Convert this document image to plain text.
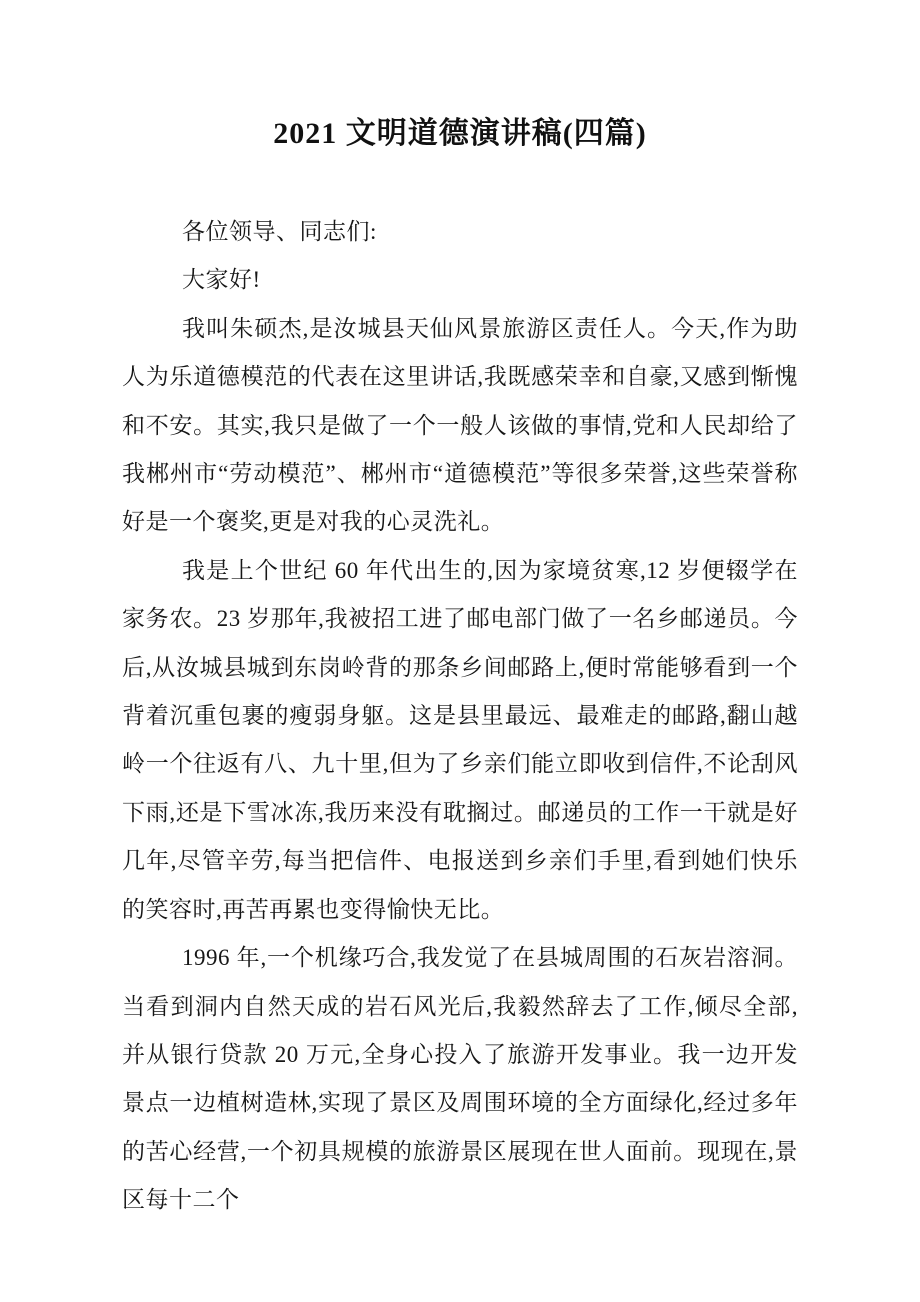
2021 文明道德演讲稿(四篇)

各位领导、同志们:

大家好!

我叫朱硕杰,是汝城县天仙风景旅游区责任人。今天,作为助人为乐道德模范的代表在这里讲话,我既感荣幸和自豪,又感到惭愧和不安。其实,我只是做了一个一般人该做的事情,党和人民却给了我郴州市“劳动模范”、郴州市“道德模范”等很多荣誉,这些荣誉称好是一个褒奖,更是对我的心灵洗礼。

我是上个世纪 60 年代出生的,因为家境贫寒,12 岁便辍学在家务农。23 岁那年,我被招工进了邮电部门做了一名乡邮递员。今后,从汝城县城到东岗岭背的那条乡间邮路上,便时常能够看到一个背着沉重包裹的瘦弱身躯。这是县里最远、最难走的邮路,翻山越岭一个往返有八、九十里,但为了乡亲们能立即收到信件,不论刮风下雨,还是下雪冰冻,我历来没有耽搁过。邮递员的工作一干就是好几年,尽管辛劳,每当把信件、电报送到乡亲们手里,看到她们快乐的笑容时,再苦再累也变得愉快无比。

1996 年,一个机缘巧合,我发觉了在县城周围的石灰岩溶洞。当看到洞内自然天成的岩石风光后,我毅然辞去了工作,倾尽全部,并从银行贷款 20 万元,全身心投入了旅游开发事业。我一边开发景点一边植树造林,实现了景区及周围环境的全方面绿化,经过多年的苦心经营,一个初具规模的旅游景区展现在世人面前。现现在,景区每十二个
